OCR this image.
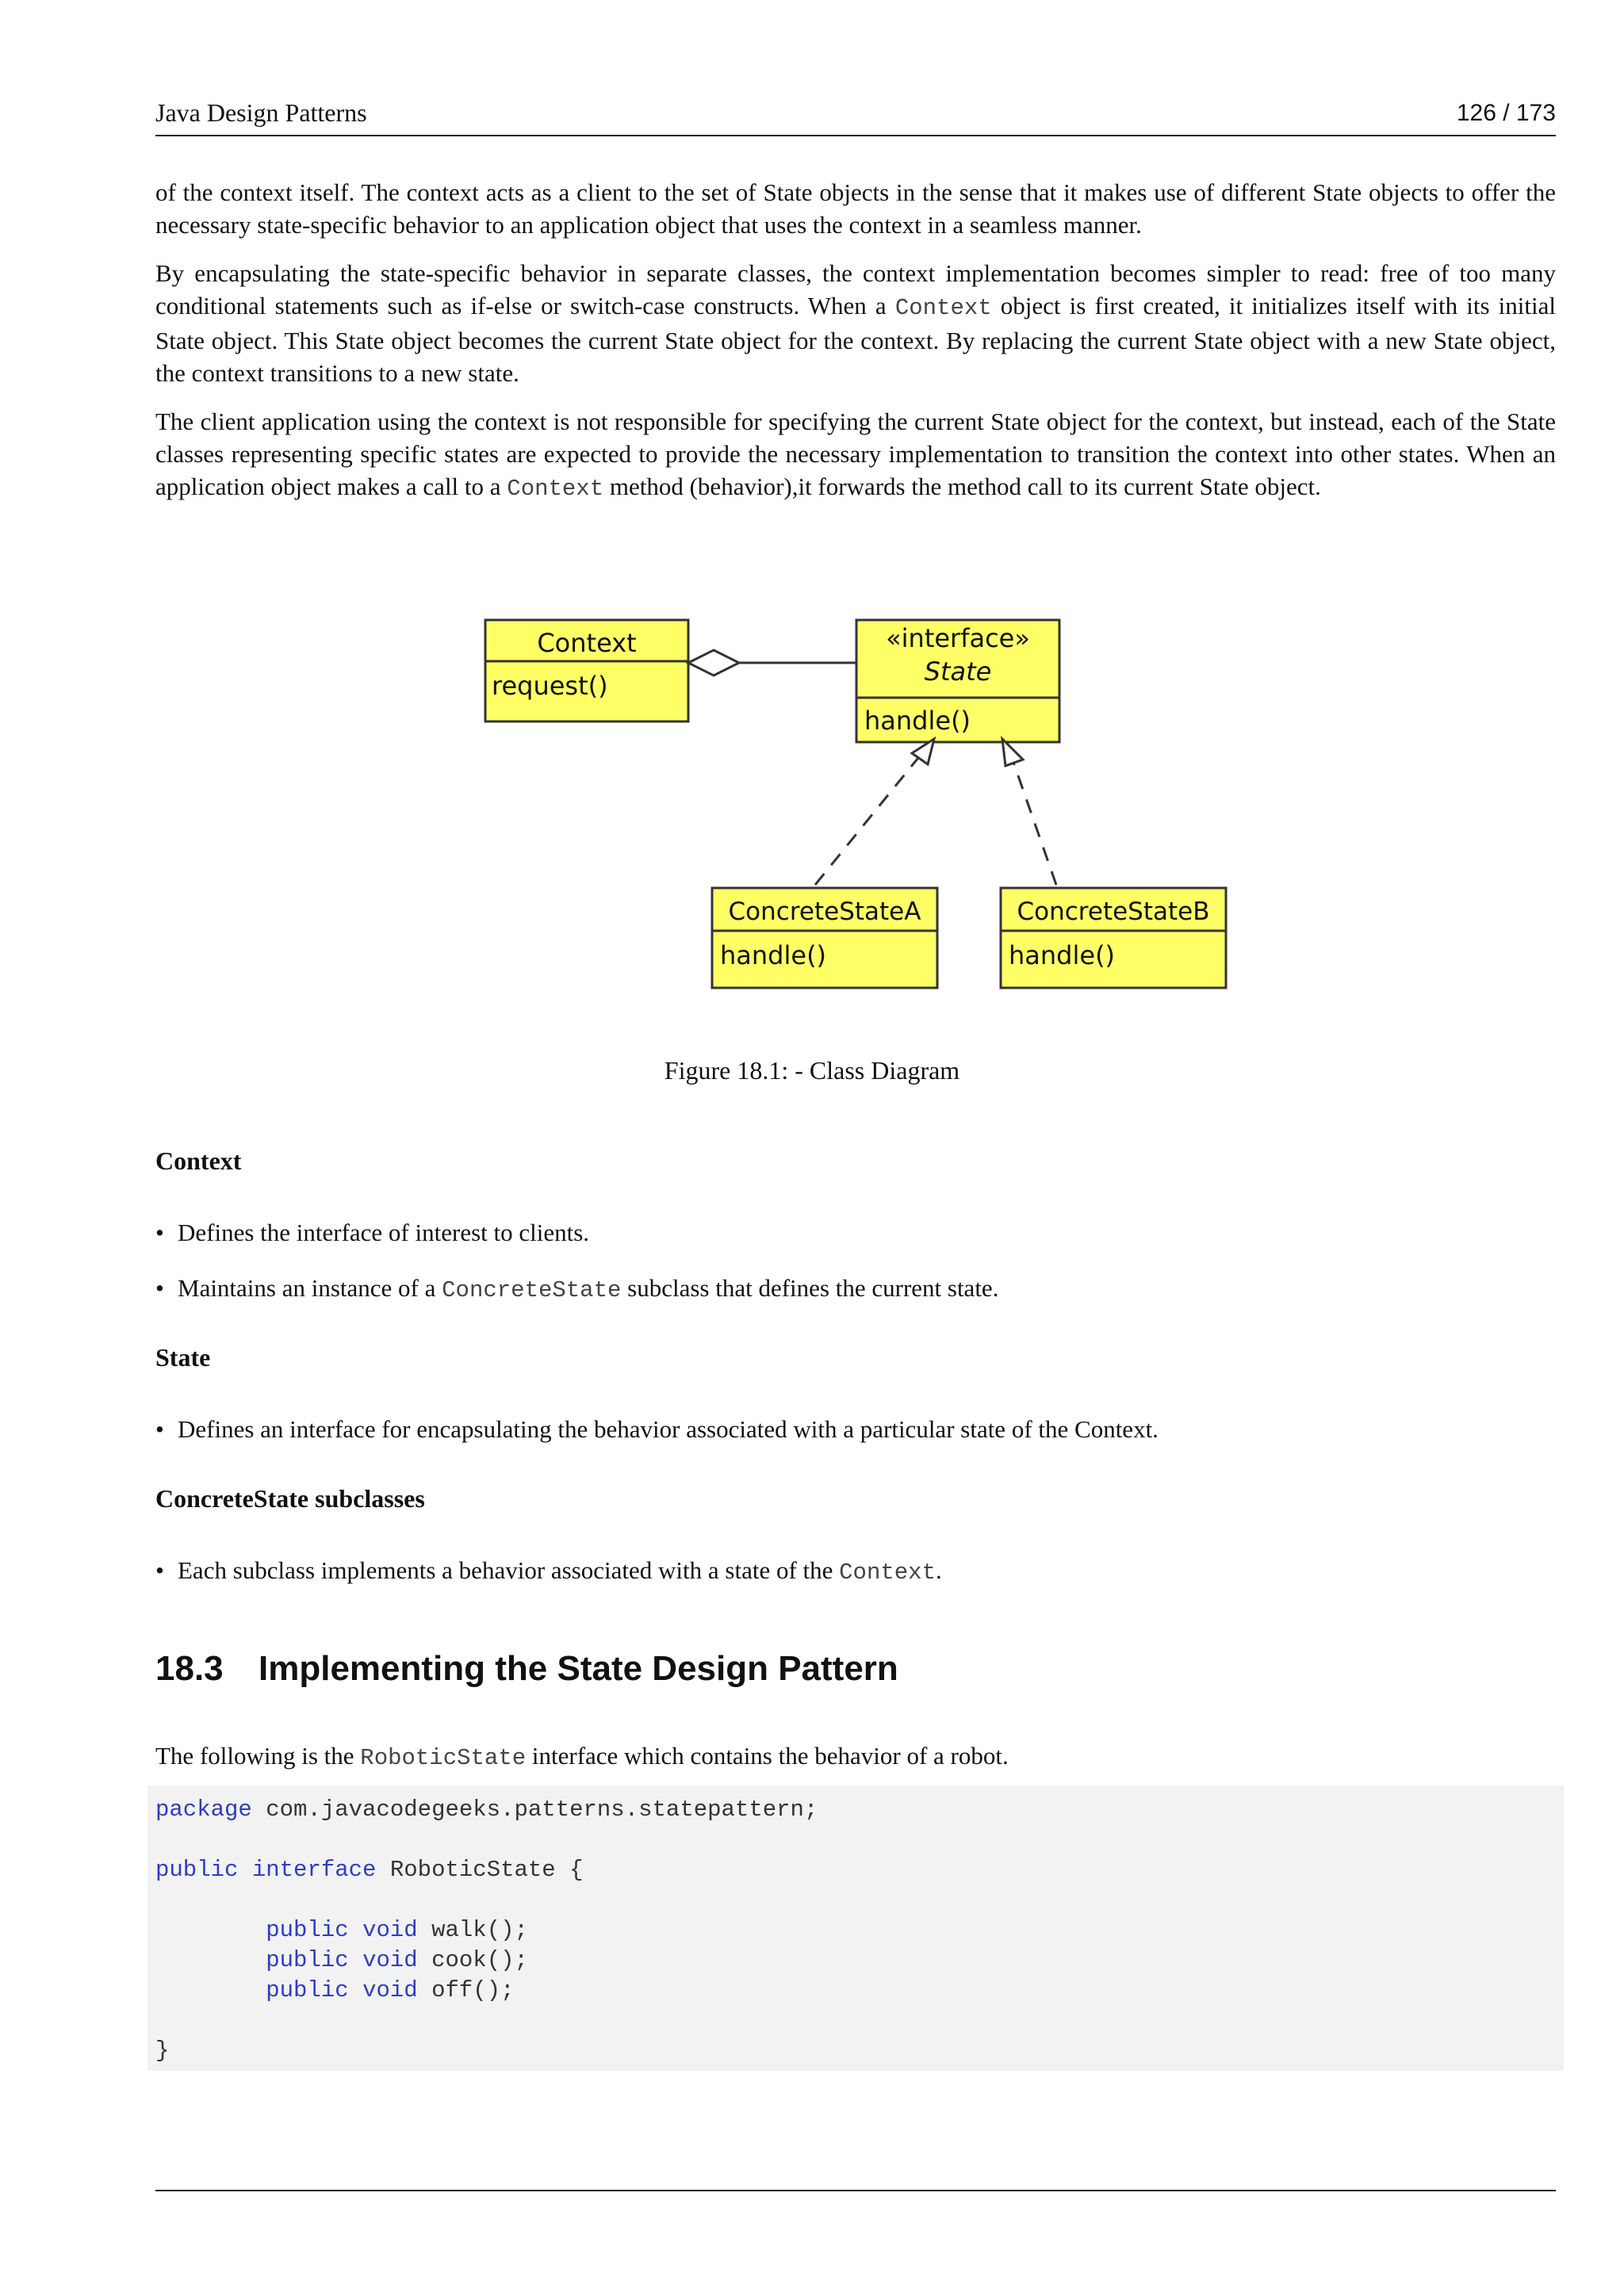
Java Design Patterns	126 / 173

of the context itself. The context acts as a client to the set of State objects in the sense that it makes use of different State objects to offer the necessary state-specific behavior to an application object that uses the context in a seamless manner.

By encapsulating the state-specific behavior in separate classes, the context implementation becomes simpler to read: free of too many conditional statements such as if-else or switch-case constructs. When a Context object is first created, it initializes itself with its initial State object. This State object becomes the current State object for the context. By replacing the current State object with a new State object, the context transitions to a new state.

The client application using the context is not responsible for specifying the current State object for the context, but instead, each of the State classes representing specific states are expected to provide the necessary implementation to transition the context into other states. When an application object makes a call to a Context method (behavior),it forwards the method call to its current State object.

Context
request()
«interface»
State
handle()
ConcreteStateA
handle()
ConcreteStateB
handle()
Figure 18.1: - Class Diagram
Context
• Defines the interface of interest to clients.
• Maintains an instance of a ConcreteState subclass that defines the current state.
State
• Defines an interface for encapsulating the behavior associated with a particular state of the Context.
ConcreteState subclasses
• Each subclass implements a behavior associated with a state of the Context.
18.3 Implementing the State Design Pattern
The following is the RoboticState interface which contains the behavior of a robot.
package com.javacodegeeks.patterns.statepattern;

public interface RoboticState {

public void walk();
public void cook();
public void off();

}
